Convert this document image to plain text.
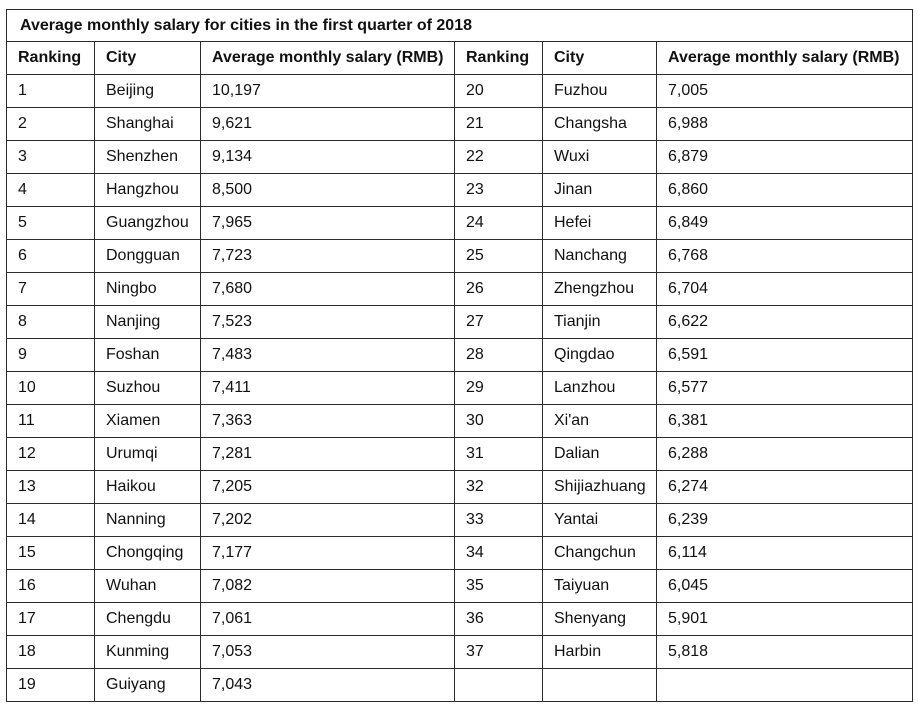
Average monthly salary for cities in the first quarter of 2018					
Ranking	City	Average monthly salary (RMB)	Ranking	City	Average monthly salary (RMB)
1	Beijing	10,197	20	Fuzhou	7,005
2	Shanghai	9,621	21	Changsha	6,988
3	Shenzhen	9,134	22	Wuxi	6,879
4	Hangzhou	8,500	23	Jinan	6,860
5	Guangzhou	7,965	24	Hefei	6,849
6	Dongguan	7,723	25	Nanchang	6,768
7	Ningbo	7,680	26	Zhengzhou	6,704
8	Nanjing	7,523	27	Tianjin	6,622
9	Foshan	7,483	28	Qingdao	6,591
10	Suzhou	7,411	29	Lanzhou	6,577
11	Xiamen	7,363	30	Xi'an	6,381
12	Urumqi	7,281	31	Dalian	6,288
13	Haikou	7,205	32	Shijiazhuang	6,274
14	Nanning	7,202	33	Yantai	6,239
15	Chongqing	7,177	34	Changchun	6,114
16	Wuhan	7,082	35	Taiyuan	6,045
17	Chengdu	7,061	36	Shenyang	5,901
18	Kunming	7,053	37	Harbin	5,818
19	Guiyang	7,043			
